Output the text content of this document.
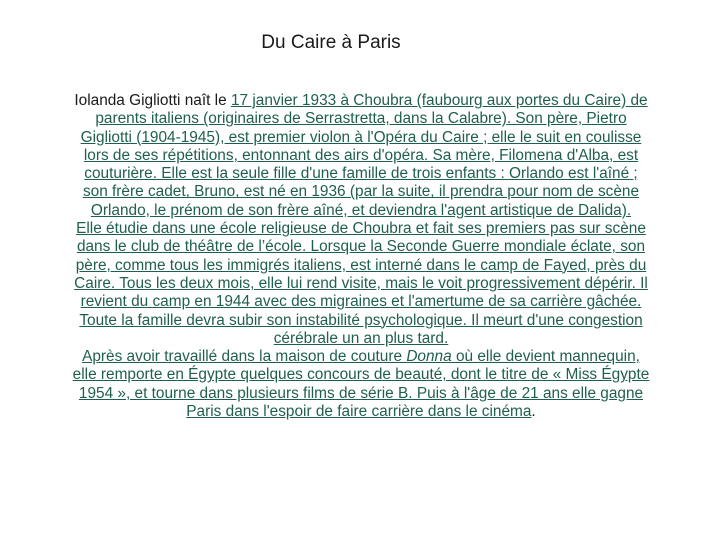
Du Caire à Paris
Iolanda Gigliotti naît le 17 janvier 1933 à Choubra (faubourg aux portes du Caire) de parents italiens (originaires de Serrastretta, dans la Calabre). Son père, Pietro Gigliotti (1904-1945), est premier violon à l'Opéra du Caire ; elle le suit en coulisse lors de ses répétitions, entonnant des airs d'opéra. Sa mère, Filomena d'Alba, est couturière. Elle est la seule fille d'une famille de trois enfants : Orlando est l'aîné ; son frère cadet, Bruno, est né en 1936 (par la suite, il prendra pour nom de scène Orlando, le prénom de son frère aîné, et deviendra l'agent artistique de Dalida).
Elle étudie dans une école religieuse de Choubra et fait ses premiers pas sur scène dans le club de théâtre de l’école. Lorsque la Seconde Guerre mondiale éclate, son père, comme tous les immigrés italiens, est interné dans le camp de Fayed, près du Caire. Tous les deux mois, elle lui rend visite, mais le voit progressivement dépérir. Il revient du camp en 1944 avec des migraines et l'amertume de sa carrière gâchée. Toute la famille devra subir son instabilité psychologique. Il meurt d'une congestion cérébrale un an plus tard.
Après avoir travaillé dans la maison de couture Donna où elle devient mannequin, elle remporte en Égypte quelques concours de beauté, dont le titre de « Miss Égypte 1954 », et tourne dans plusieurs films de série B. Puis à l'âge de 21 ans elle gagne Paris dans l'espoir de faire carrière dans le cinéma.
